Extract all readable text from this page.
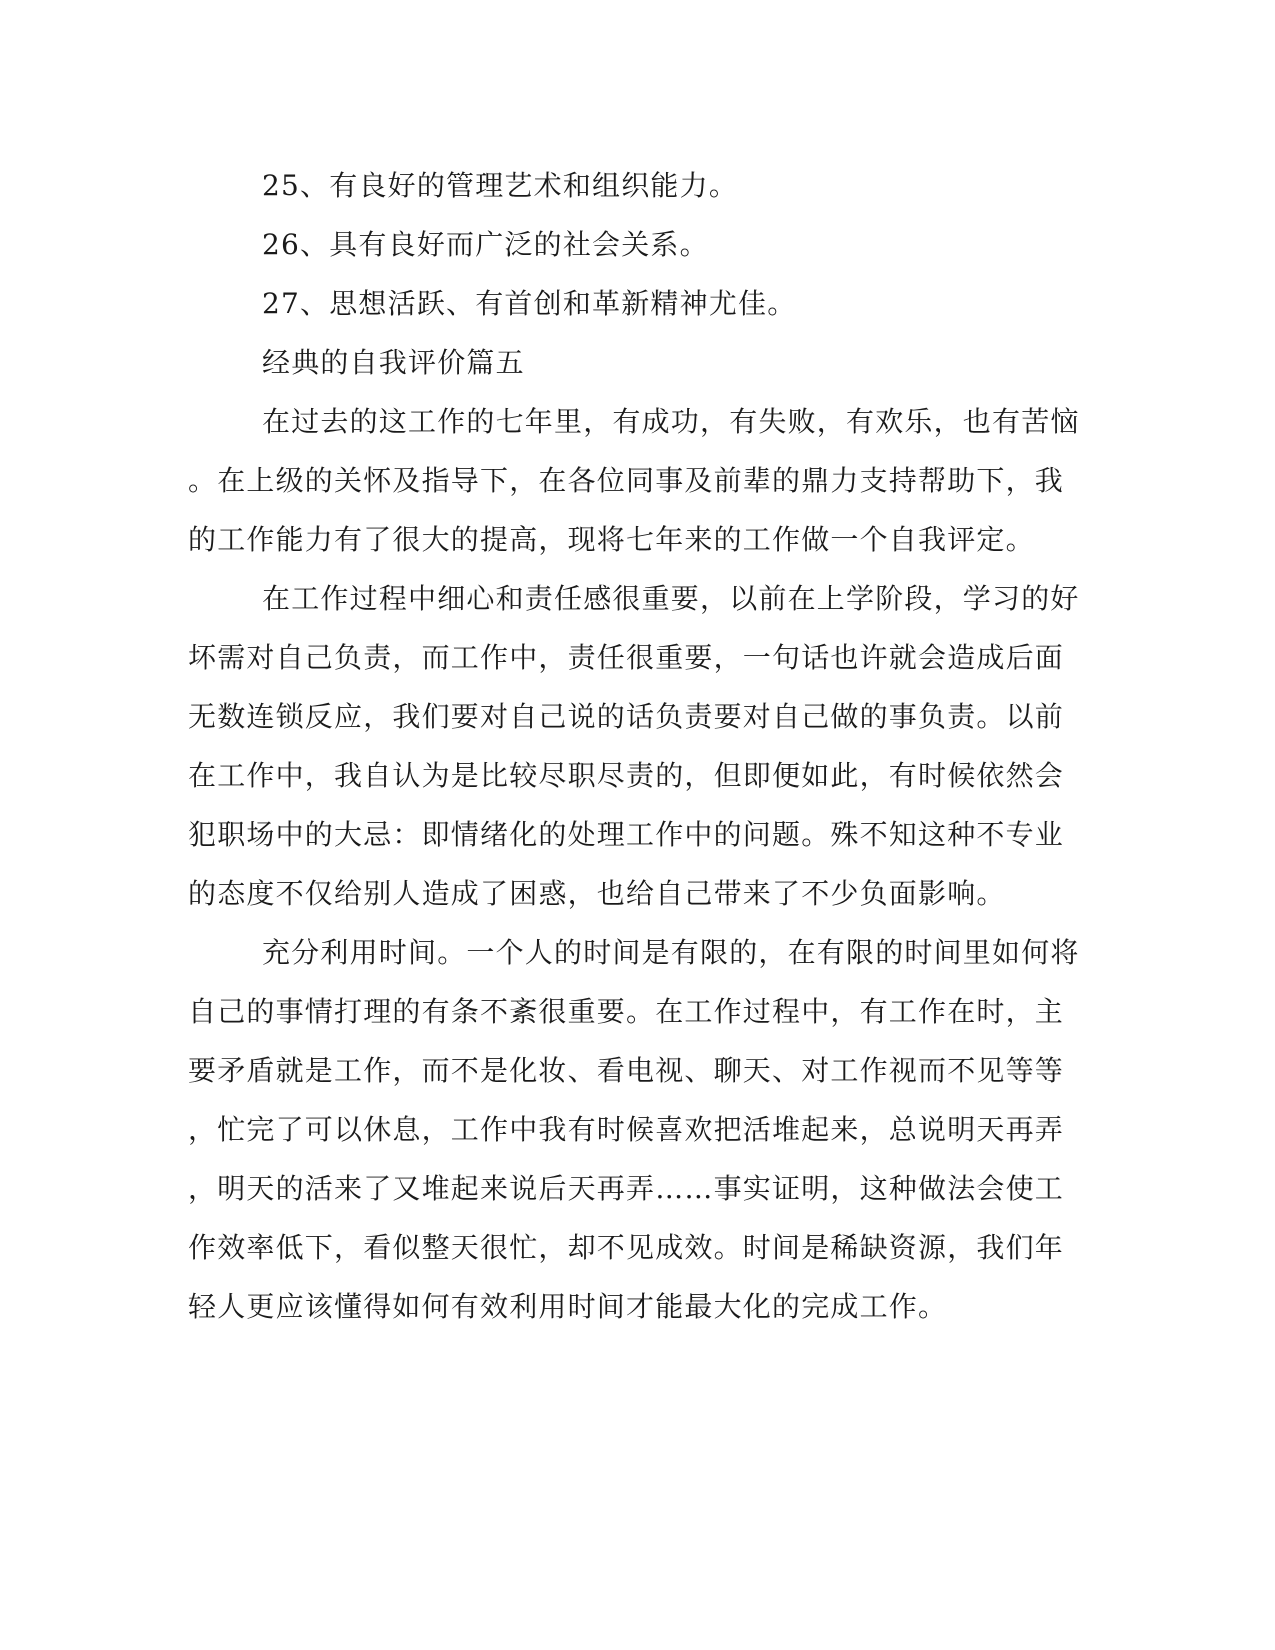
25、有良好的管理艺术和组织能力。

26、具有良好而广泛的社会关系。

27、思想活跃、有首创和革新精神尤佳。

经典的自我评价篇五

在过去的这工作的七年里，有成功，有失败，有欢乐，也有苦恼

。在上级的关怀及指导下，在各位同事及前辈的鼎力支持帮助下，我

的工作能力有了很大的提高，现将七年来的工作做一个自我评定。

在工作过程中细心和责任感很重要，以前在上学阶段，学习的好

坏需对自己负责，而工作中，责任很重要，一句话也许就会造成后面

无数连锁反应，我们要对自己说的话负责要对自己做的事负责。以前

在工作中，我自认为是比较尽职尽责的，但即便如此，有时候依然会

犯职场中的大忌：即情绪化的处理工作中的问题。殊不知这种不专业

的态度不仅给别人造成了困惑，也给自己带来了不少负面影响。

充分利用时间。一个人的时间是有限的，在有限的时间里如何将

自己的事情打理的有条不紊很重要。在工作过程中，有工作在时，主

要矛盾就是工作，而不是化妆、看电视、聊天、对工作视而不见等等

，忙完了可以休息，工作中我有时候喜欢把活堆起来，总说明天再弄

，明天的活来了又堆起来说后天再弄……事实证明，这种做法会使工

作效率低下，看似整天很忙，却不见成效。时间是稀缺资源，我们年

轻人更应该懂得如何有效利用时间才能最大化的完成工作。
